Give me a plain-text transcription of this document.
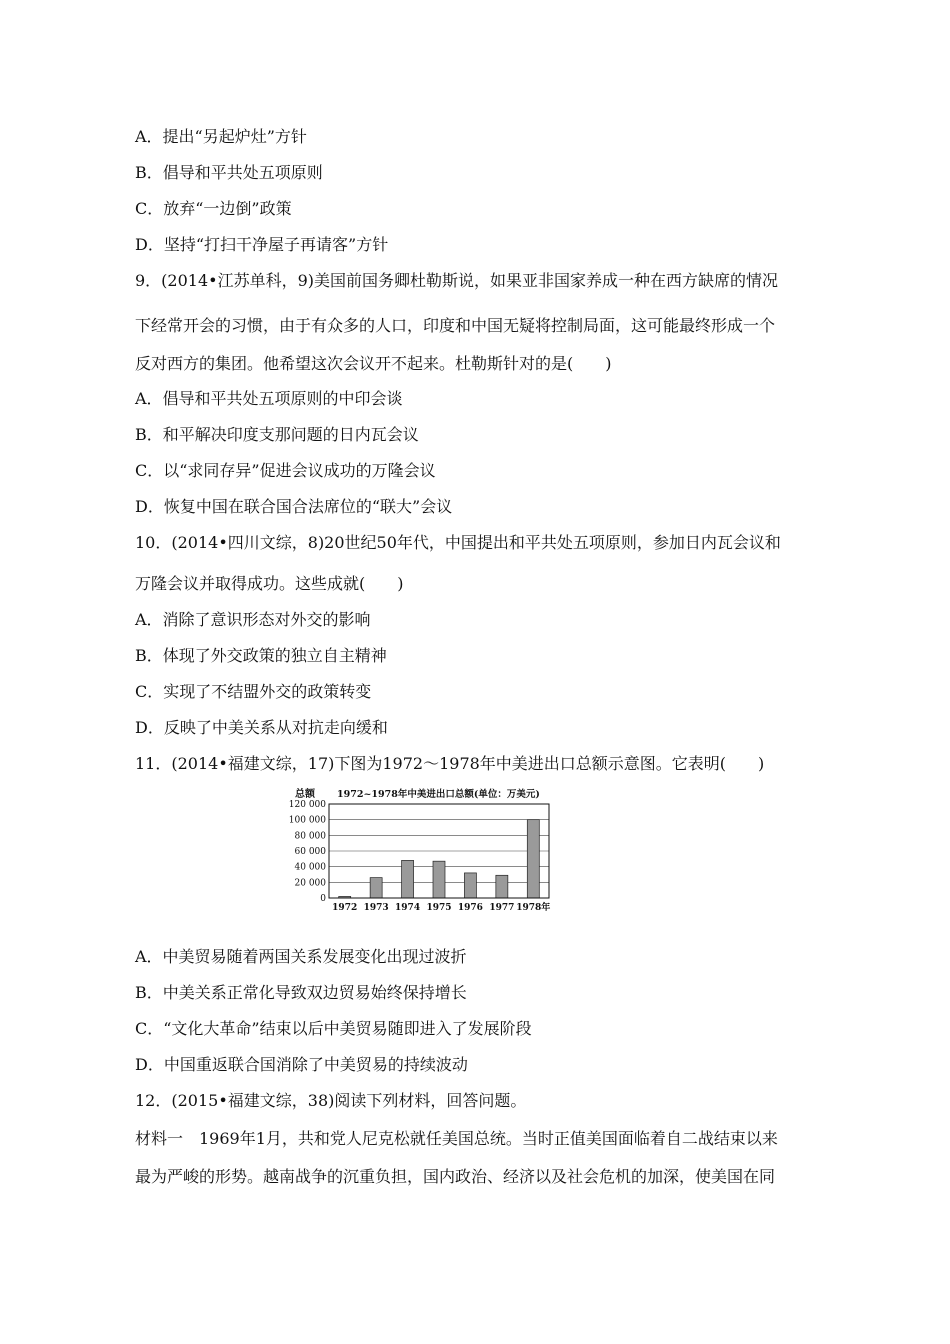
A．提出“另起炉灶”方针
B．倡导和平共处五项原则
C．放弃“一边倒”政策
D．坚持“打扫干净屋子再请客”方针
9．(2014•江苏单科，9)美国前国务卿杜勒斯说，如果亚非国家养成一种在西方缺席的情况
下经常开会的习惯，由于有众多的人口，印度和中国无疑将控制局面，这可能最终形成一个
反对西方的集团。他希望这次会议开不起来。杜勒斯针对的是(　　)
A．倡导和平共处五项原则的中印会谈
B．和平解决印度支那问题的日内瓦会议
C．以“求同存异”促进会议成功的万隆会议
D．恢复中国在联合国合法席位的“联大”会议
10．(2014•四川文综，8)20世纪50年代，中国提出和平共处五项原则，参加日内瓦会议和
万隆会议并取得成功。这些成就(　　)
A．消除了意识形态对外交的影响
B．体现了外交政策的独立自主精神
C．实现了不结盟外交的政策转变
D．反映了中美关系从对抗走向缓和
11．(2014•福建文综，17)下图为1972～1978年中美进出口总额示意图。它表明(　　)
总额 1972~1978年中美进出口总额(单位：万美元)
0
20 000
40 000
60 000
80 000
100 000
120 000
1972 1973 1974 1975 1976 1977 1978年
A．中美贸易随着两国关系发展变化出现过波折
B．中美关系正常化导致双边贸易始终保持增长
C．“文化大革命”结束以后中美贸易随即进入了发展阶段
D．中国重返联合国消除了中美贸易的持续波动
12．(2015•福建文综，38)阅读下列材料，回答问题。
材料一　1969年1月，共和党人尼克松就任美国总统。当时正值美国面临着自二战结束以来
最为严峻的形势。越南战争的沉重负担，国内政治、经济以及社会危机的加深，使美国在同
